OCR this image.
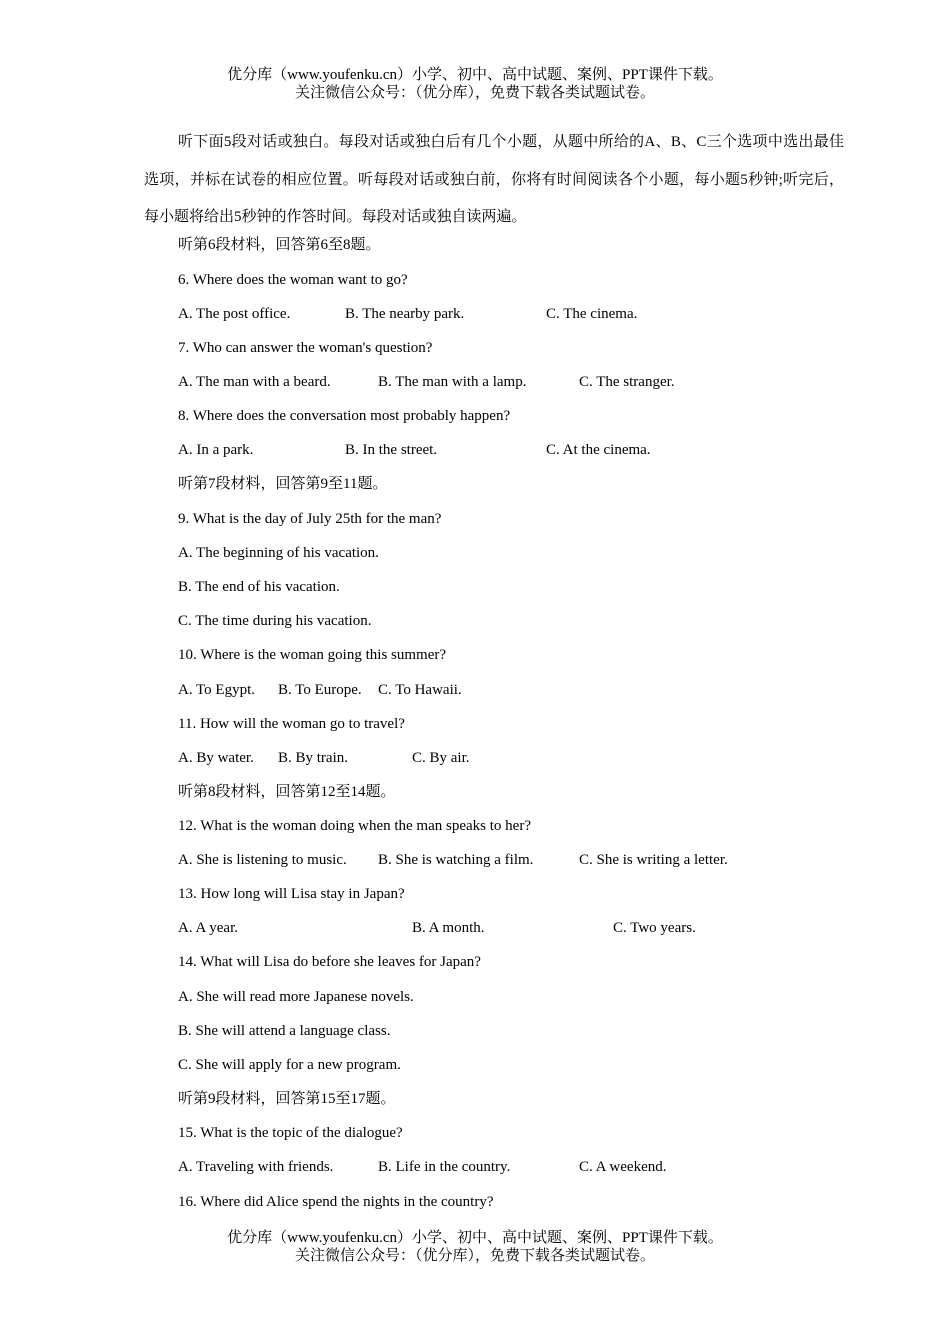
优分库（www.youfenku.cn）小学、初中、高中试题、案例、PPT课件下载。
关注微信公众号：（优分库），免费下载各类试题试卷。
听下面5段对话或独白。每段对话或独白后有几个小题，从题中所给的A、B、C三个选项中选出最佳选项，并标在试卷的相应位置。听每段对话或独白前，你将有时间阅读各个小题，每小题5秒钟;听完后，每小题将给出5秒钟的作答时间。每段对话或独自读两遍。
听第6段材料，回答第6至8题。
6. Where does the woman want to go?
A. The post office.	B. The nearby park.	C. The cinema.
7. Who can answer the woman's question?
A. The man with a beard.	B. The man with a lamp.	C. The stranger.
8. Where does the conversation most probably happen?
A. In a park.	B. In the street.	C. At the cinema.
听第7段材料，回答第9至11题。
9. What is the day of July 25th for the man?
A. The beginning of his vacation.
B. The end of his vacation.
C. The time during his vacation.
10. Where is the woman going this summer?
A. To Egypt. B. To Europe. C. To Hawaii.
11. How will the woman go to travel?
A. By water. B. By train.	C. By air.
听第8段材料，回答第12至14题。
12. What is the woman doing when the man speaks to her?
A. She is listening to music. B. She is watching a film.	C. She is writing a letter.
13. How long will Lisa stay in Japan?
A. A year.	B. A month.	C. Two years.
14. What will Lisa do before she leaves for Japan?
A. She will read more Japanese novels.
B. She will attend a language class.
C. She will apply for a new program.
听第9段材料，回答第15至17题。
15. What is the topic of the dialogue?
A. Traveling with friends.	B. Life in the country.	C. A weekend.
16. Where did Alice spend the nights in the country?
优分库（www.youfenku.cn）小学、初中、高中试题、案例、PPT课件下载。
关注微信公众号：（优分库），免费下载各类试题试卷。
